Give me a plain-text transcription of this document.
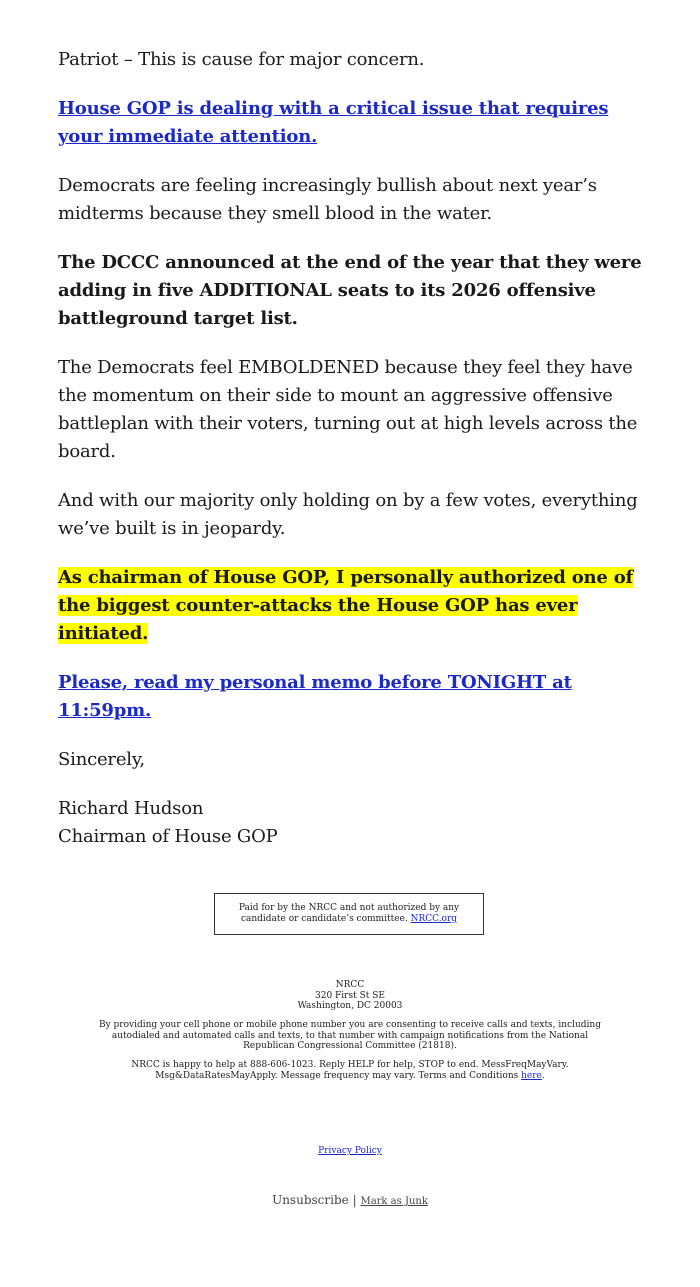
Patriot – This is cause for major concern.

House GOP is dealing with a critical issue that requires your immediate attention.

Democrats are feeling increasingly bullish about next year’s midterms because they smell blood in the water.

The DCCC announced at the end of the year that they were adding in five ADDITIONAL seats to its 2026 offensive battleground target list.

The Democrats feel EMBOLDENED because they feel they have the momentum on their side to mount an aggressive offensive battleplan with their voters, turning out at high levels across the board.

And with our majority only holding on by a few votes, everything we’ve built is in jeopardy.

As chairman of House GOP, I personally authorized one of the biggest counter-attacks the House GOP has ever initiated.

Please, read my personal memo before TONIGHT at 11:59pm.

Sincerely,

Richard Hudson
Chairman of House GOP

Paid for by the NRCC and not authorized by any candidate or candidate’s committee. NRCC.org
NRCC
320 First St SE
Washington, DC 20003
By providing your cell phone or mobile phone number you are consenting to receive calls and texts, including autodialed and automated calls and texts, to that number with campaign notifications from the National Republican Congressional Committee (21818).
NRCC is happy to help at 888-606-1023. Reply HELP for help, STOP to end. MessFreqMayVary. Msg&DataRatesMayApply. Message frequency may vary. Terms and Conditions here.
Privacy Policy
Unsubscribe | Mark as Junk
